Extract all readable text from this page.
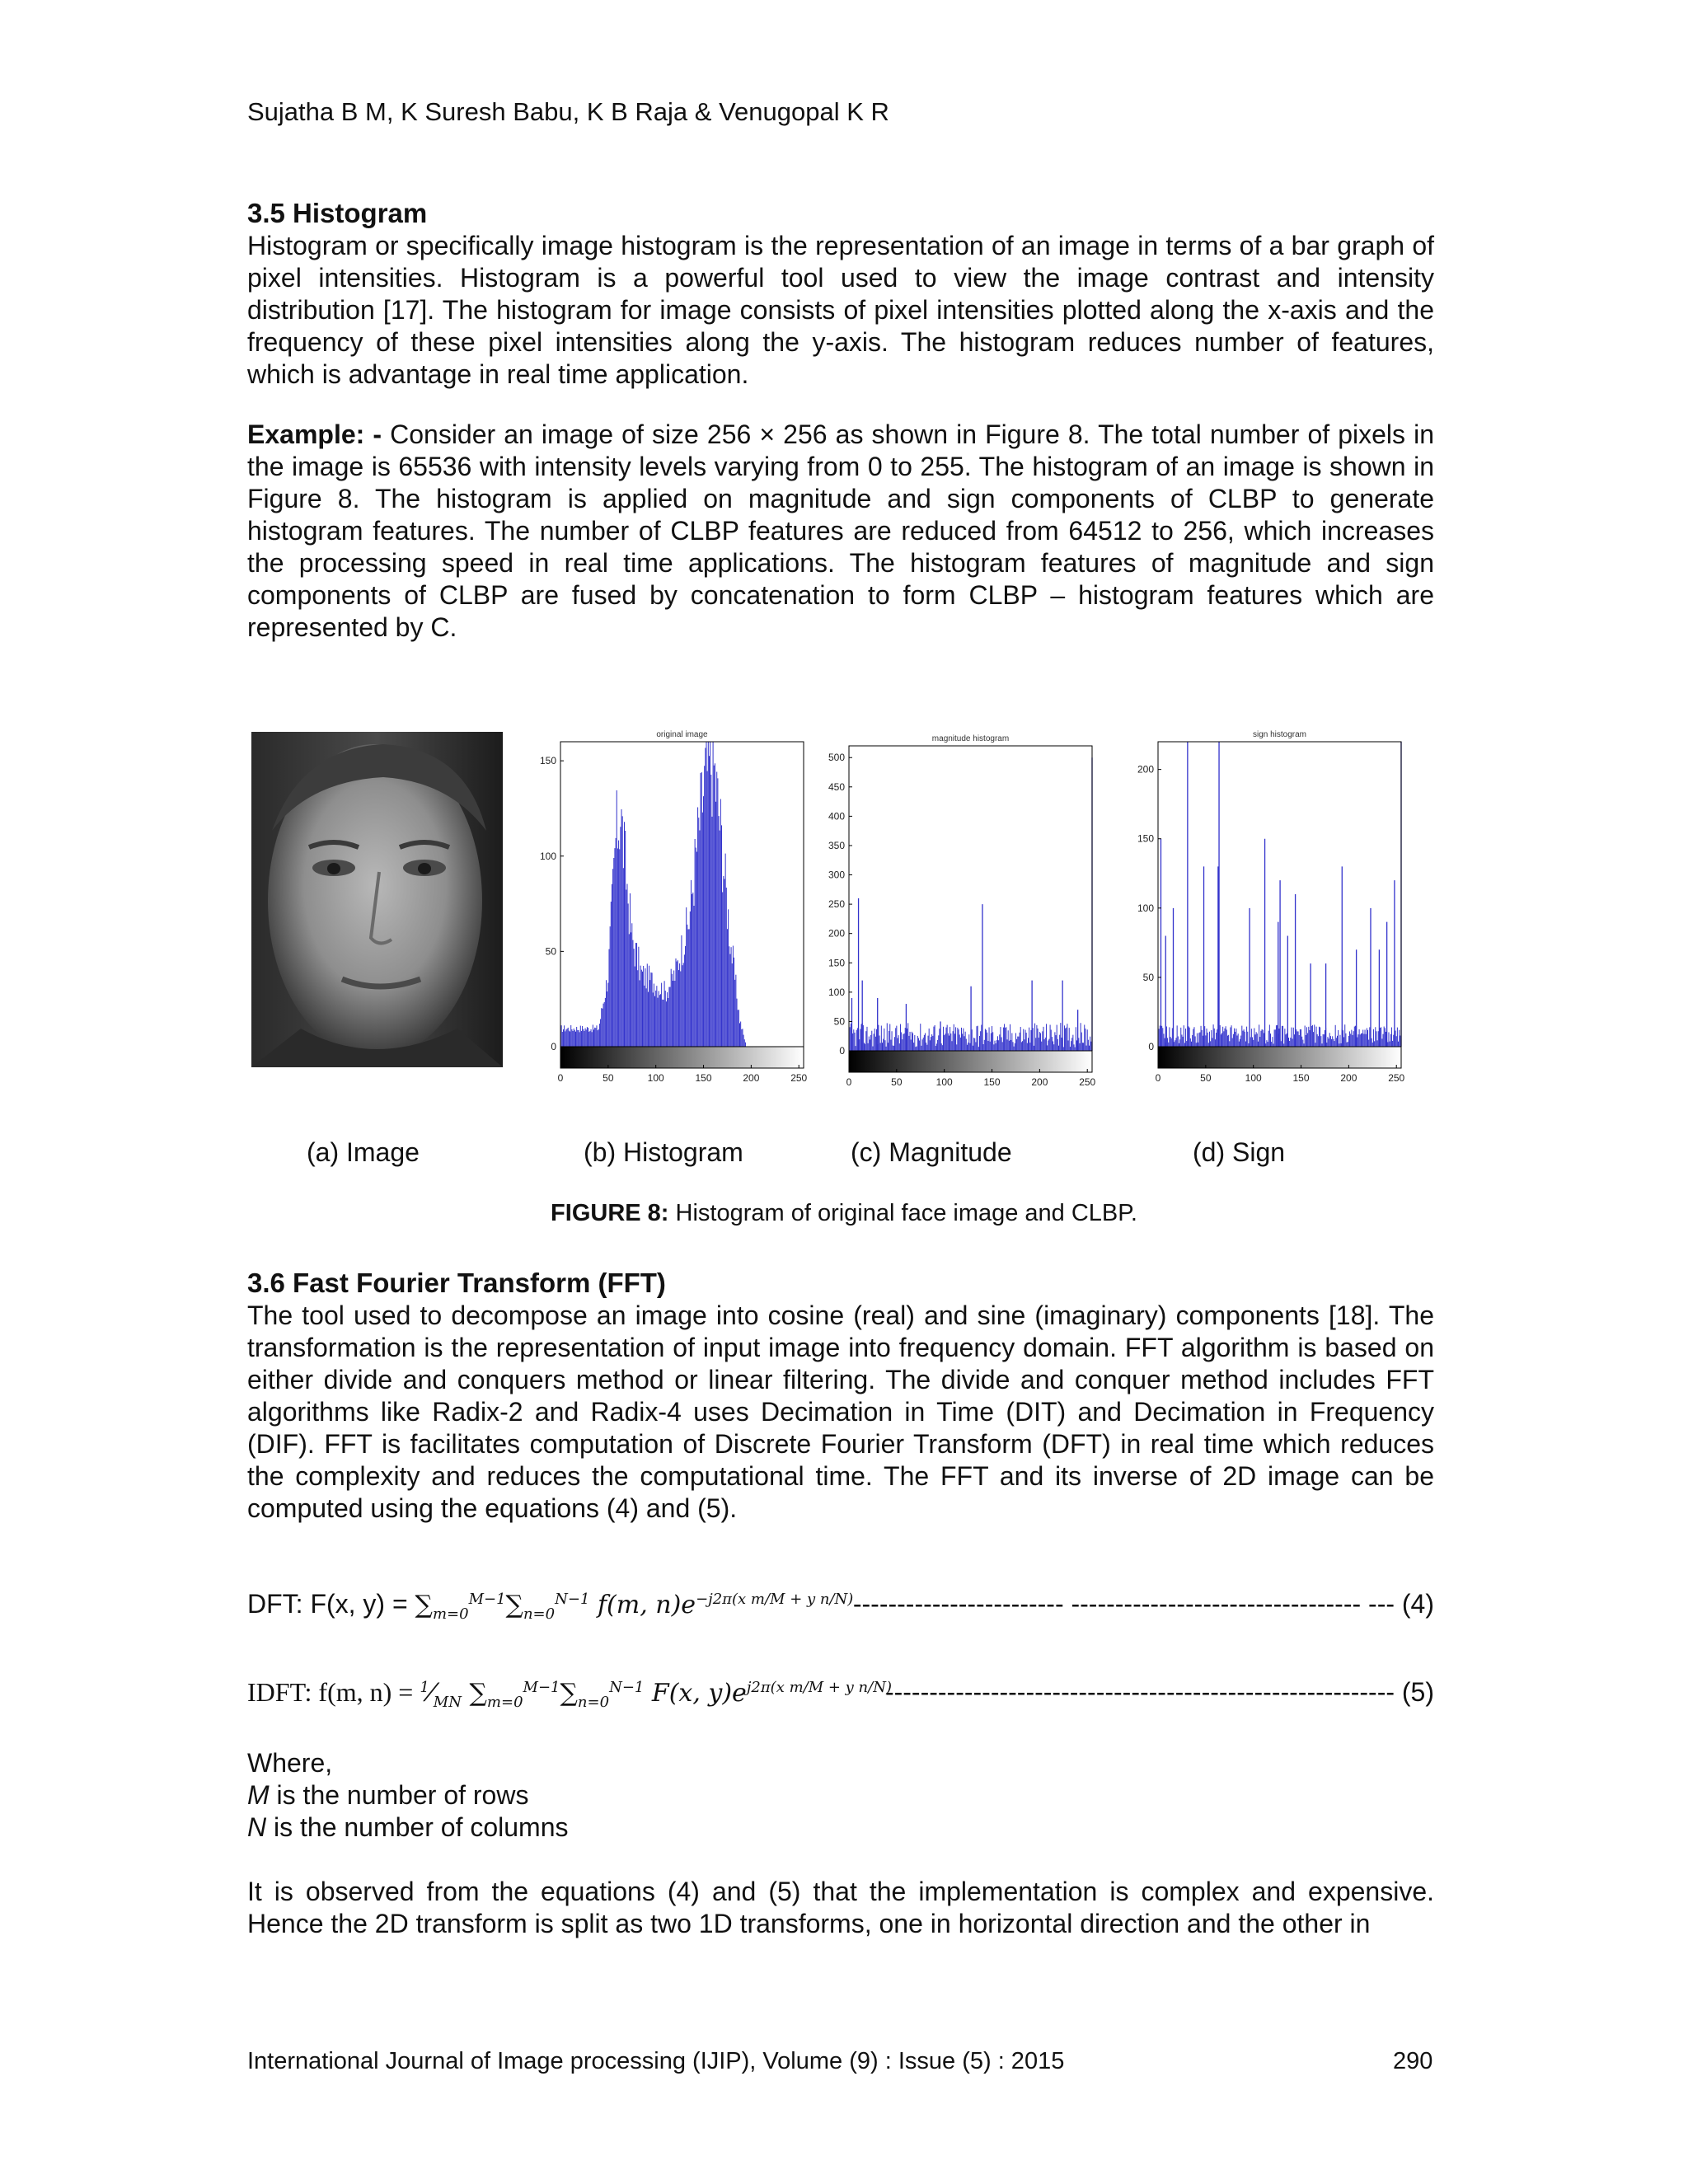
Sujatha B M, K Suresh Babu, K B Raja & Venugopal K R
3.5 Histogram

Histogram or specifically image histogram is the representation of an image in terms of a bar graph of pixel intensities. Histogram is a powerful tool used to view the image contrast and intensity distribution [17]. The histogram for image consists of pixel intensities plotted along the x-axis and the frequency of these pixel intensities along the y-axis. The histogram reduces number of features, which is advantage in real time application.

Example: - Consider an image of size 256 × 256 as shown in Figure 8. The total number of pixels in the image is 65536 with intensity levels varying from 0 to 255. The histogram of an image is shown in Figure 8. The histogram is applied on magnitude and sign components of CLBP to generate histogram features. The number of CLBP features are reduced from 64512 to 256, which increases the processing speed in real time applications. The histogram features of magnitude and sign components of CLBP are fused by concatenation to form CLBP – histogram features which are represented by C.

original image
0
50
100
150
0	50	100	150	200	250
magnitude histogram
0
50
100
150
200
250
300
350
400
450
500
0	50	100	150	200	250
sign histogram
0
50
100
150
200
0	50	100	150	200	250
(a) Image	(b) Histogram	(c) Magnitude	(d) Sign
FIGURE 8: Histogram of original face image and CLBP.
3.6 Fast Fourier Transform (FFT)

The tool used to decompose an image into cosine (real) and sine (imaginary) components [18]. The transformation is the representation of input image into frequency domain. FFT algorithm is based on either divide and conquers method or linear filtering. The divide and conquer method includes FFT algorithms like Radix-2 and Radix-4 uses Decimation in Time (DIT) and Decimation in Frequency (DIF). FFT is facilitates computation of Discrete Fourier Transform (DFT) in real time which reduces the complexity and reduces the computational time. The FFT and its inverse of 2D image can be computed using the equations (4) and (5).

DFT: F(x, $y) = \sum_{m=0}^{M-1}\sum_{n=0}^{N-1}$ f(m, $n)e^{-j2\pi(x m/M + y n/N)}$ ------------------------ --------------------------------- --- (4)
IDFT: f(m, $n) = ^1⁄_{MN}$ $\sum_{m=0}^{M-1}\sum_{n=0}^{N-1}$ F(x, $y)e^{j2\pi(x m/M + y n/N)}$
---------------------------------------------------------- (5)
Where,
M is the number of rows
N is the number of columns

It is observed from the equations (4) and (5) that the implementation is complex and expensive. Hence the 2D transform is split as two 1D transforms, one in horizontal direction and the other in

International Journal of Image processing (IJIP), Volume (9) : Issue (5) : 2015	290
